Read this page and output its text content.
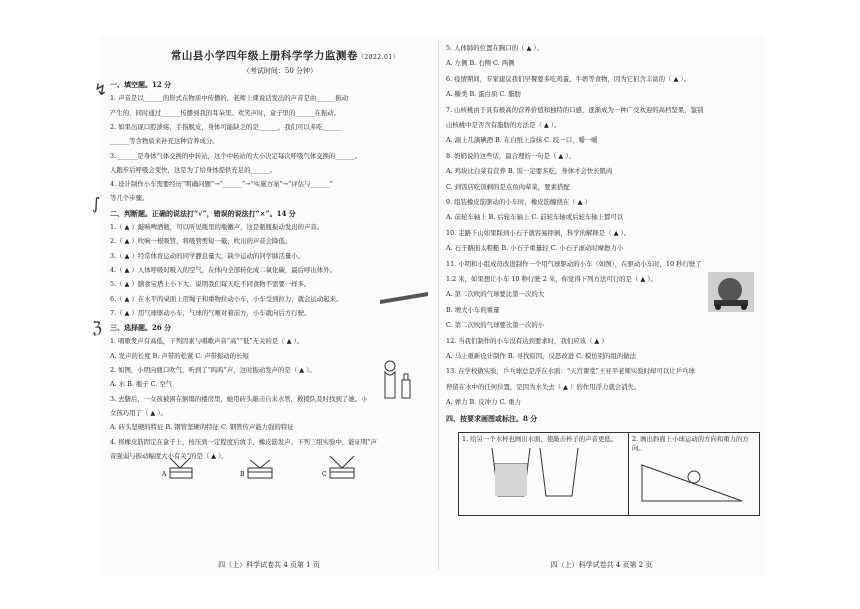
常山县小学四年级上册科学学力监测卷（2022.01）
（考试时间：50 分钟）
一、填空题。12 分
1. 声音是以______的形式在物质中传播的，老师上课说话发出的声音是由______振动
产生的，同时通过______传播到我的耳朵里。欢笑声时，盒子里的______在振动。
2. 如果出现口腔溃疡，手指脱皮，身体可能缺乏的是______，我们可以多吃______
______等含物质来补充这种营养成分。
3. ______是身体气体交换的中转站，这个中转站的大小决定每次呼吸气体交换的______。
人跑步后呼吸会变快，这是为了给身体提供充足的______。
4. 设计制作小车需要经历“明确问题”→“______”→“实施方案”→“评估与______”
等几个步骤。
二、判断题。正确的说法打“√”，错误的说法打“×”。14 分
1.（ ▲ ）敲响啤酒瓶，可以听见瓶里的瓶嫩声，这是瓶瓶振动发出的声音。
2.（ ▲ ）吹响一根吸管，将吸管剪短一截，吹出的声音会降低。
3.（ ▲ ）经常体育运动的同学静息量大，缺少运动的同学肺活量小。
4.（ ▲ ）人体呼吸时吸入的空气，在体内全部转化成二氧化碳，最后呼出体外。
5.（ ▲ ）膳食宝塔上小下大，说明我们每天吃不同食物不需要一样多。
6.（ ▲ ）在水平的桌面上用绳子和重物拉动小车，小车受到拉力，就会运动起来。
7.（ ▲ ）用气球驱动小车，气球的气喉对着前方，小车就向后方行驶。
三、选择题。26 分
1. 唱歌发声有高低，下列因素与唱歌声音“高”“低”无关的是（ ▲ ）。
A. 发声的长度 B. 声带的松紧 C. 声带振动的长短
2. 如图，小明向瓶口吹气，听到了“呜呜”声，这时振动发声的是（ ▲ ）。
A. 水 B. 瓶子 C. 空气
3. 去膳后，一女孩被困在倒塌的楼房里，她用砖头敲击自来水管，救援队及时找到了她。小
女孩巧用了（ ▲ ）。
A. 砖头坚硬的特征 B. 钢管坚硬的特征 C. 钢管传声能力强的特征
4. 将橡皮筋固定在盒子上，按压到一定程度后放手，橡皮筋发声。下列三组实验中，能证明“声
音强弱与振动幅度大小有关”的是（ ▲ ）。
A	B	C
四（上）科学试卷共 4 页第 1 页
↯
∫
ℨ
5. 人体肺的位置在胸口的（ ▲ ）。
A. 左侧 B. 右侧 C. 两侧
6. 疫情期间，专家建议我们早餐要多吃鸡蛋、牛奶等食物，因为它们含丰富的（ ▲ ）。
A. 糖类 B. 蛋白质 C. 脂肪
7. 山核桃由于具有极高的营养价值和独特的口感，逐渐成为一种广受欢迎的高档坚果，鉴别
山核桃中是否含有脂肪的方法是（ ▲ ）。
A. 滴上几滴碘酒 B. 在白纸上涂抹 C. 咬一口，嚼一嚼
8. 奶奶说的这些话，最合理的一句是（ ▲ ）。
A. 鸡块比白菜有营养 B. 饭一定要多吃，身体才会快长肌肉
C. 到饭店吃饭剩的是点鱼肉荤菜，要素搭配
9. 组装橡皮筋驱动的小车时，橡皮筋缠绕在（ ▲ ）
A. 前轮车轴上 B. 后轮车轴上 C. 前轮车轴或后轮车轴上都可以
10. 走路下山如果踩到小石子就容易摔倒，科学的解释是（ ▲ ）。
A. 石子路面太粗糙 B. 小石子重量轻 C. 小石子滚动时摩擦力小
11. 小明和小组成员改进制作一个用气球驱动的小车（如图），在驱动小车时，10 秒行驶了
1.2 米，如果想让小车 10 秒行驶 2 米，你觉得下列方法可行的是（ ▲ ）。
A. 第二次吹的气球要比第一次的大
B. 增大小车的重量
C. 第二次吹的气球要比第一次的小
12. 当我们制作的小车没有达到要求时，我们应该（ ▲ ）
A. 马上重新设计制作 B. 寻找原因，反思改进 C. 模仿别的组的做法
13. 在学校做实验，乒乓球总是浮在水面：“天宫课堂”王亚平老师实验时却可以让乒乓球
停留在水中的任何位置，是因为水失去（ ▲ ）的作用浮力就会消失。
A. 弹力 B. 反冲力 C. 重力
四、按要求画图或标注。8 分
四（上）科学试卷共 4 页第 2 页
1. 给另一个水杯也画出水面，使敲击杯子的声音更低。	2. 画出斜面上小球运动的方向和重力的方向。
